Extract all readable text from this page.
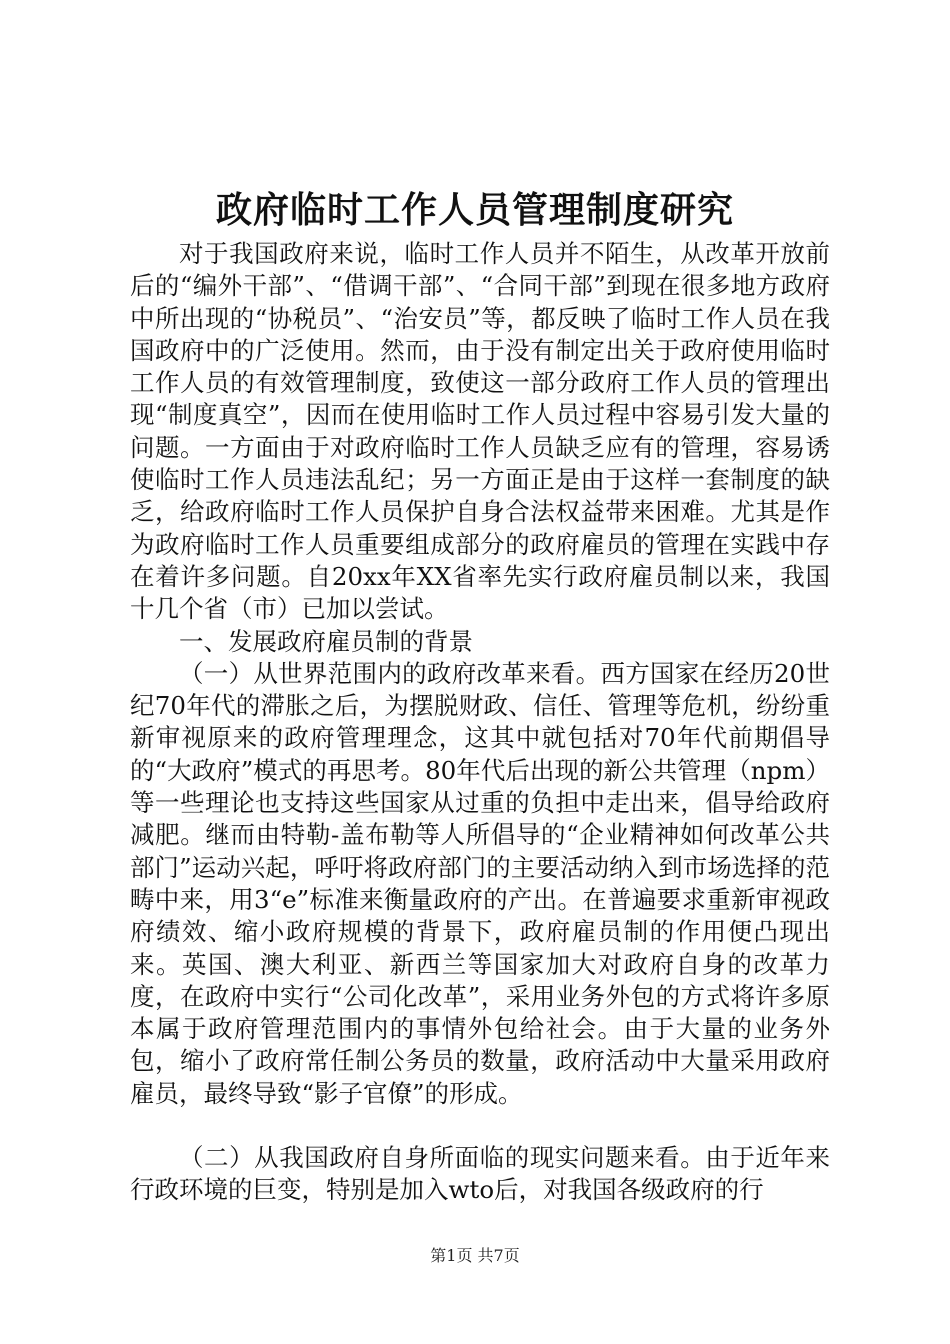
政府临时工作人员管理制度研究

对于我国政府来说，临时工作人员并不陌生，从改革开放前后的“编外干部”、“借调干部”、“合同干部”到现在很多地方政府中所出现的“协税员”、“治安员”等，都反映了临时工作人员在我国政府中的广泛使用。然而，由于没有制定出关于政府使用临时工作人员的有效管理制度，致使这一部分政府工作人员的管理出现“制度真空”，因而在使用临时工作人员过程中容易引发大量的问题。一方面由于对政府临时工作人员缺乏应有的管理，容易诱使临时工作人员违法乱纪；另一方面正是由于这样一套制度的缺乏，给政府临时工作人员保护自身合法权益带来困难。尤其是作为政府临时工作人员重要组成部分的政府雇员的管理在实践中存在着许多问题。自20xx年XX省率先实行政府雇员制以来，我国十几个省（市）已加以尝试。

一、发展政府雇员制的背景

（一）从世界范围内的政府改革来看。西方国家在经历20世纪70年代的滞胀之后，为摆脱财政、信任、管理等危机，纷纷重新审视原来的政府管理理念，这其中就包括对70年代前期倡导的“大政府”模式的再思考。80年代后出现的新公共管理（npm）等一些理论也支持这些国家从过重的负担中走出来，倡导给政府减肥。继而由特勒-盖布勒等人所倡导的“企业精神如何改革公共部门”运动兴起，呼吁将政府部门的主要活动纳入到市场选择的范畴中来，用3“e”标准来衡量政府的产出。在普遍要求重新审视政府绩效、缩小政府规模的背景下，政府雇员制的作用便凸现出来。英国、澳大利亚、新西兰等国家加大对政府自身的改革力度，在政府中实行“公司化改革”，采用业务外包的方式将许多原本属于政府管理范围内的事情外包给社会。由于大量的业务外包，缩小了政府常任制公务员的数量，政府活动中大量采用政府雇员，最终导致“影子官僚”的形成。

（二）从我国政府自身所面临的现实问题来看。由于近年来行政环境的巨变，特别是加入wto后，对我国各级政府的行

第1页 共7页
